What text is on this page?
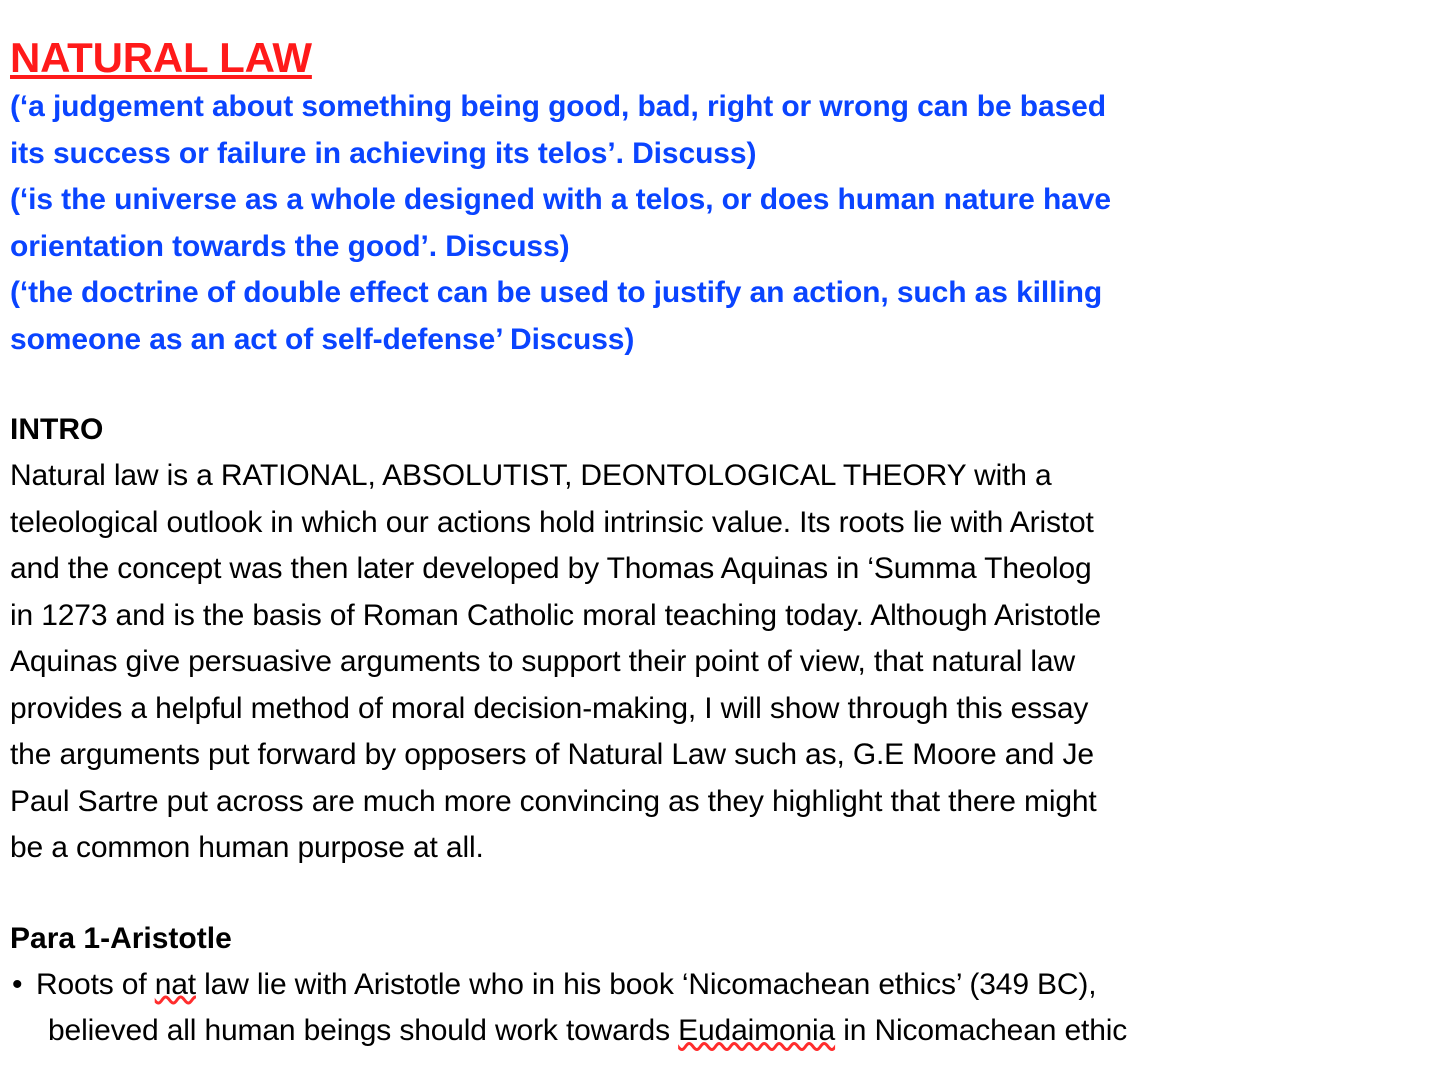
NATURAL LAW
(‘a judgement about something being good, bad, right or wrong can be based
its success or failure in achieving its telos’. Discuss)
(‘is the universe as a whole designed with a telos, or does human nature have
orientation towards the good’. Discuss)
(‘the doctrine of double effect can be used to justify an action, such as killing
someone as an act of self-defense’ Discuss)
INTRO
Natural law is a RATIONAL, ABSOLUTIST, DEONTOLOGICAL THEORY with a
teleological outlook in which our actions hold intrinsic value. Its roots lie with Aristot
and the concept was then later developed by Thomas Aquinas in ‘Summa Theolog
in 1273 and is the basis of Roman Catholic moral teaching today. Although Aristotle
Aquinas give persuasive arguments to support their point of view, that natural law
provides a helpful method of moral decision-making, I will show through this essay
the arguments put forward by opposers of Natural Law such as, G.E Moore and Je
Paul Sartre put across are much more convincing as they highlight that there might
be a common human purpose at all.
Para 1-Aristotle
• Roots of nat law lie with Aristotle who in his book ‘Nicomachean ethics’ (349 BC),
believed all human beings should work towards Eudaimonia in Nicomachean ethic
